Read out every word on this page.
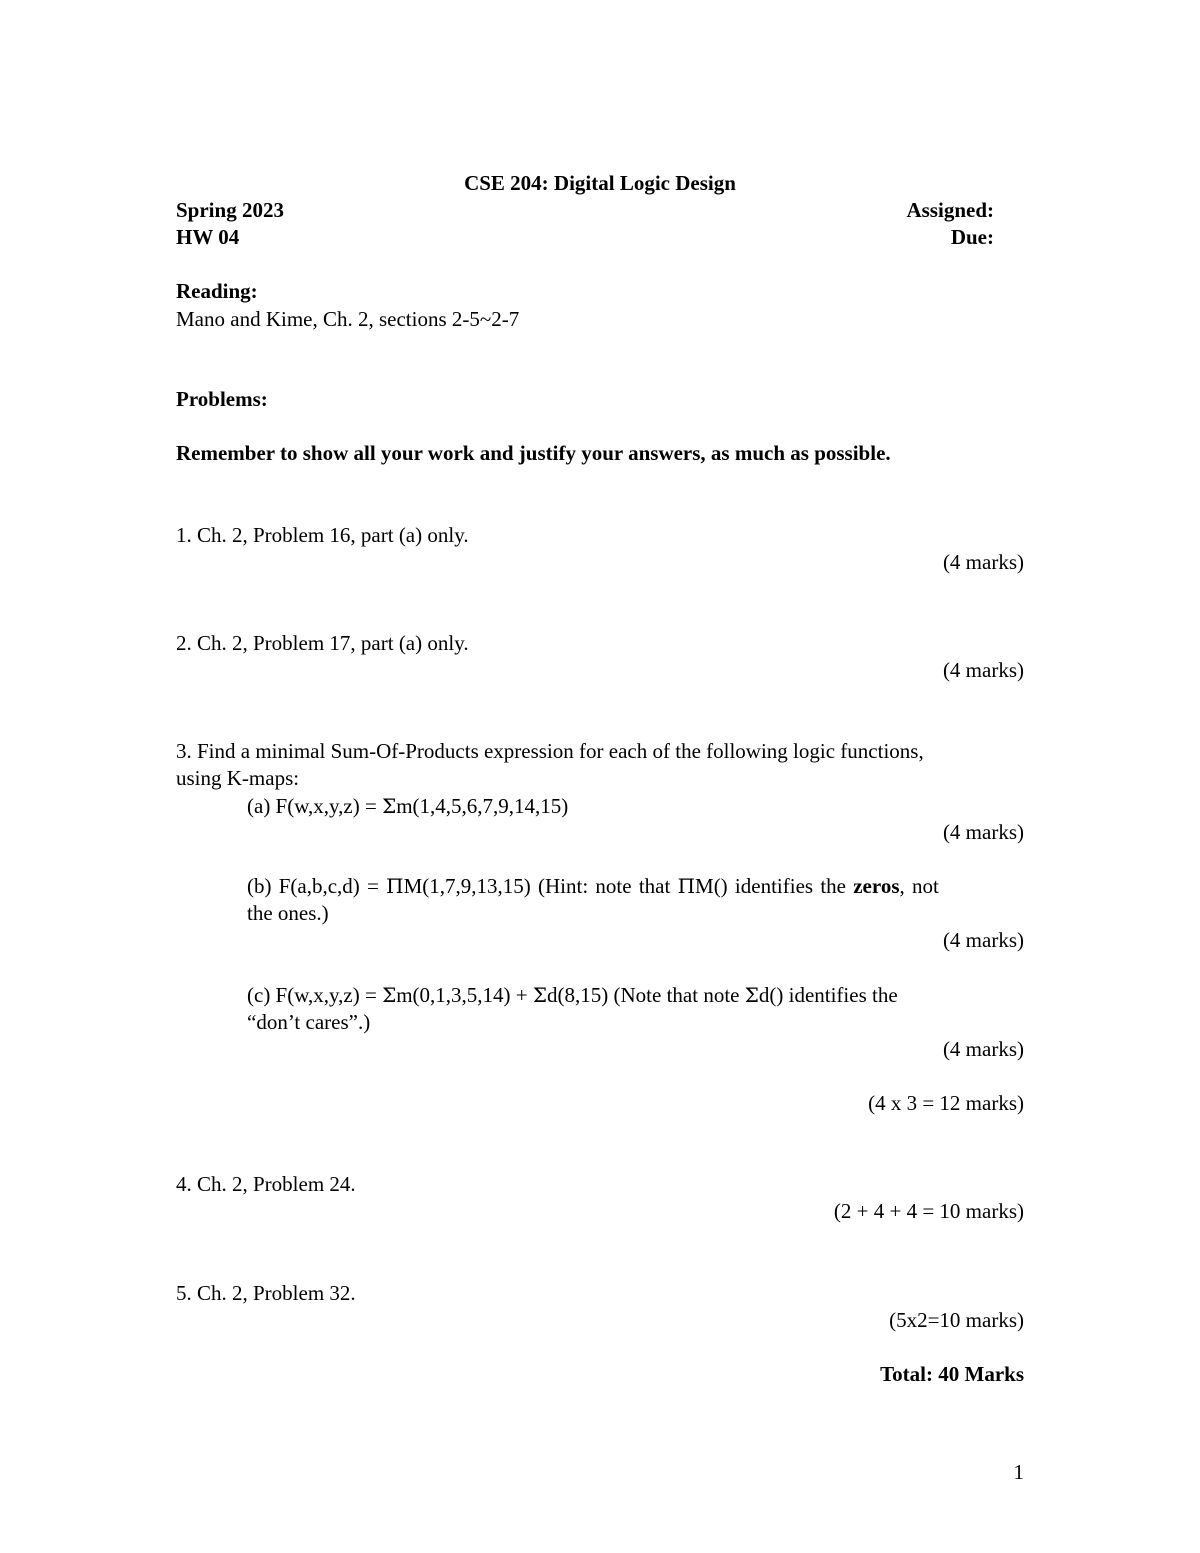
CSE 204: Digital Logic Design
Spring 2023	Assigned:
HW 04	Due:
Reading:
Mano and Kime, Ch. 2, sections 2-5~2-7
Problems:
Remember to show all your work and justify your answers, as much as possible.
1. Ch. 2, Problem 16, part (a) only.
(4 marks)
2. Ch. 2, Problem 17, part (a) only.
(4 marks)
3. Find a minimal Sum-Of-Products expression for each of the following logic functions,
using K-maps:
(a) F(w,x,y,z) = Σm(1,4,5,6,7,9,14,15)
(4 marks)
(b) F(a,b,c,d) = ΠM(1,7,9,13,15) (Hint: note that ΠM() identifies the zeros, not
the ones.)
(4 marks)
(c) F(w,x,y,z) = Σm(0,1,3,5,14) + Σd(8,15) (Note that note Σd() identifies the
“don’t cares”.)
(4 marks)
(4 x 3 = 12 marks)
4. Ch. 2, Problem 24.
(2 + 4 + 4 = 10 marks)
5. Ch. 2, Problem 32.
(5x2=10 marks)
Total: 40 Marks
1
